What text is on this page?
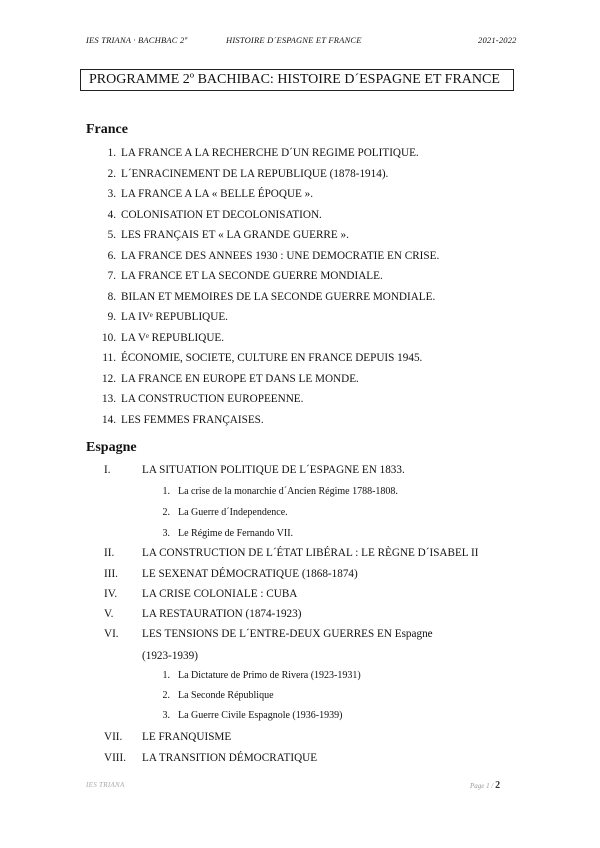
IES TRIANA · BACHBAC 2º	HISTOIRE D´ESPAGNE ET FRANCE	2021-2022
PROGRAMME 2º BACHIBAC: HISTOIRE D´ESPAGNE ET FRANCE
France
Espagne
1. LA FRANCE A LA RECHERCHE D´UN REGIME POLITIQUE.
2. L´ENRACINEMENT DE LA REPUBLIQUE (1878-1914).
3. LA FRANCE A LA « BELLE ÉPOQUE ».
4. COLONISATION ET DECOLONISATION.
5. LES FRANÇAIS ET « LA GRANDE GUERRE ».
6. LA FRANCE DES ANNEES 1930 : UNE DEMOCRATIE EN CRISE.
7. LA FRANCE ET LA SECONDE GUERRE MONDIALE.
8. BILAN ET MEMOIRES DE LA SECONDE GUERRE MONDIALE.
9. LA IVᵉ REPUBLIQUE.
10. LA Vᵉ REPUBLIQUE.
11. ÉCONOMIE, SOCIETE, CULTURE EN FRANCE DEPUIS 1945.
12. LA FRANCE EN EUROPE ET DANS LE MONDE.
13. LA CONSTRUCTION EUROPEENNE.
14. LES FEMMES FRANÇAISES.
I.	LA SITUATION POLITIQUE DE L´ESPAGNE EN 1833.
1. La crise de la monarchie d´Ancien Régime 1788-1808.
2. La Guerre d´Independence.
3. Le Régime de Fernando VII.
II. LA CONSTRUCTION DE L´ÉTAT LIBÉRAL : LE RÈGNE D´ISABEL II
III. LE SEXENAT DÉMOCRATIQUE (1868-1874)
IV. LA CRISE COLONIALE : CUBA
V.	LA RESTAURATION (1874-1923)
VI. LES TENSIONS DE L´ENTRE-DEUX GUERRES EN Espagne
(1923-1939)
1. La Dictature de Primo de Rivera (1923-1931)
2. La Seconde République
3. La Guerre Civile Espagnole (1936-1939)
VII. LE FRANQUISME
VIII. LA TRANSITION DÉMOCRATIQUE
IES TRIANA	Page 1 / 2
